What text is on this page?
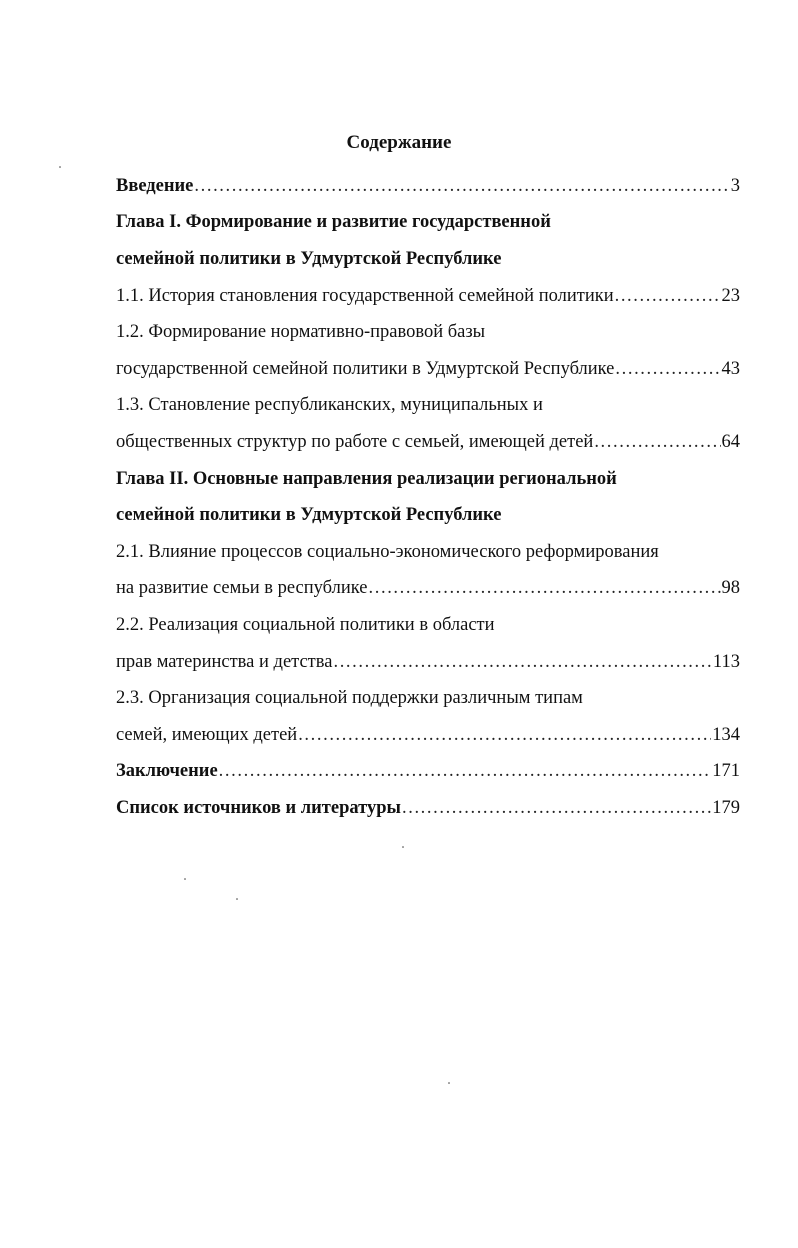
Содержание
Введение .....	3
Глава I. Формирование и развитие государственной
семейной политики в Удмуртской Республике
1.1. История становления государственной семейной политики .....	23
1.2. Формирование нормативно-правовой базы
государственной семейной политики в Удмуртской Республике .....	43
1.3. Становление республиканских, муниципальных и
общественных структур по работе с семьей, имеющей детей .....	64
Глава II. Основные направления реализации региональной
семейной политики в Удмуртской Республике
2.1. Влияние процессов социально-экономического реформирования
на развитие семьи в республике .....	98
2.2. Реализация социальной политики в области
прав материнства и детства .....	113
2.3. Организация социальной поддержки различным типам
семей, имеющих детей .....	134
Заключение .....	171
Список источников и литературы .....	179
